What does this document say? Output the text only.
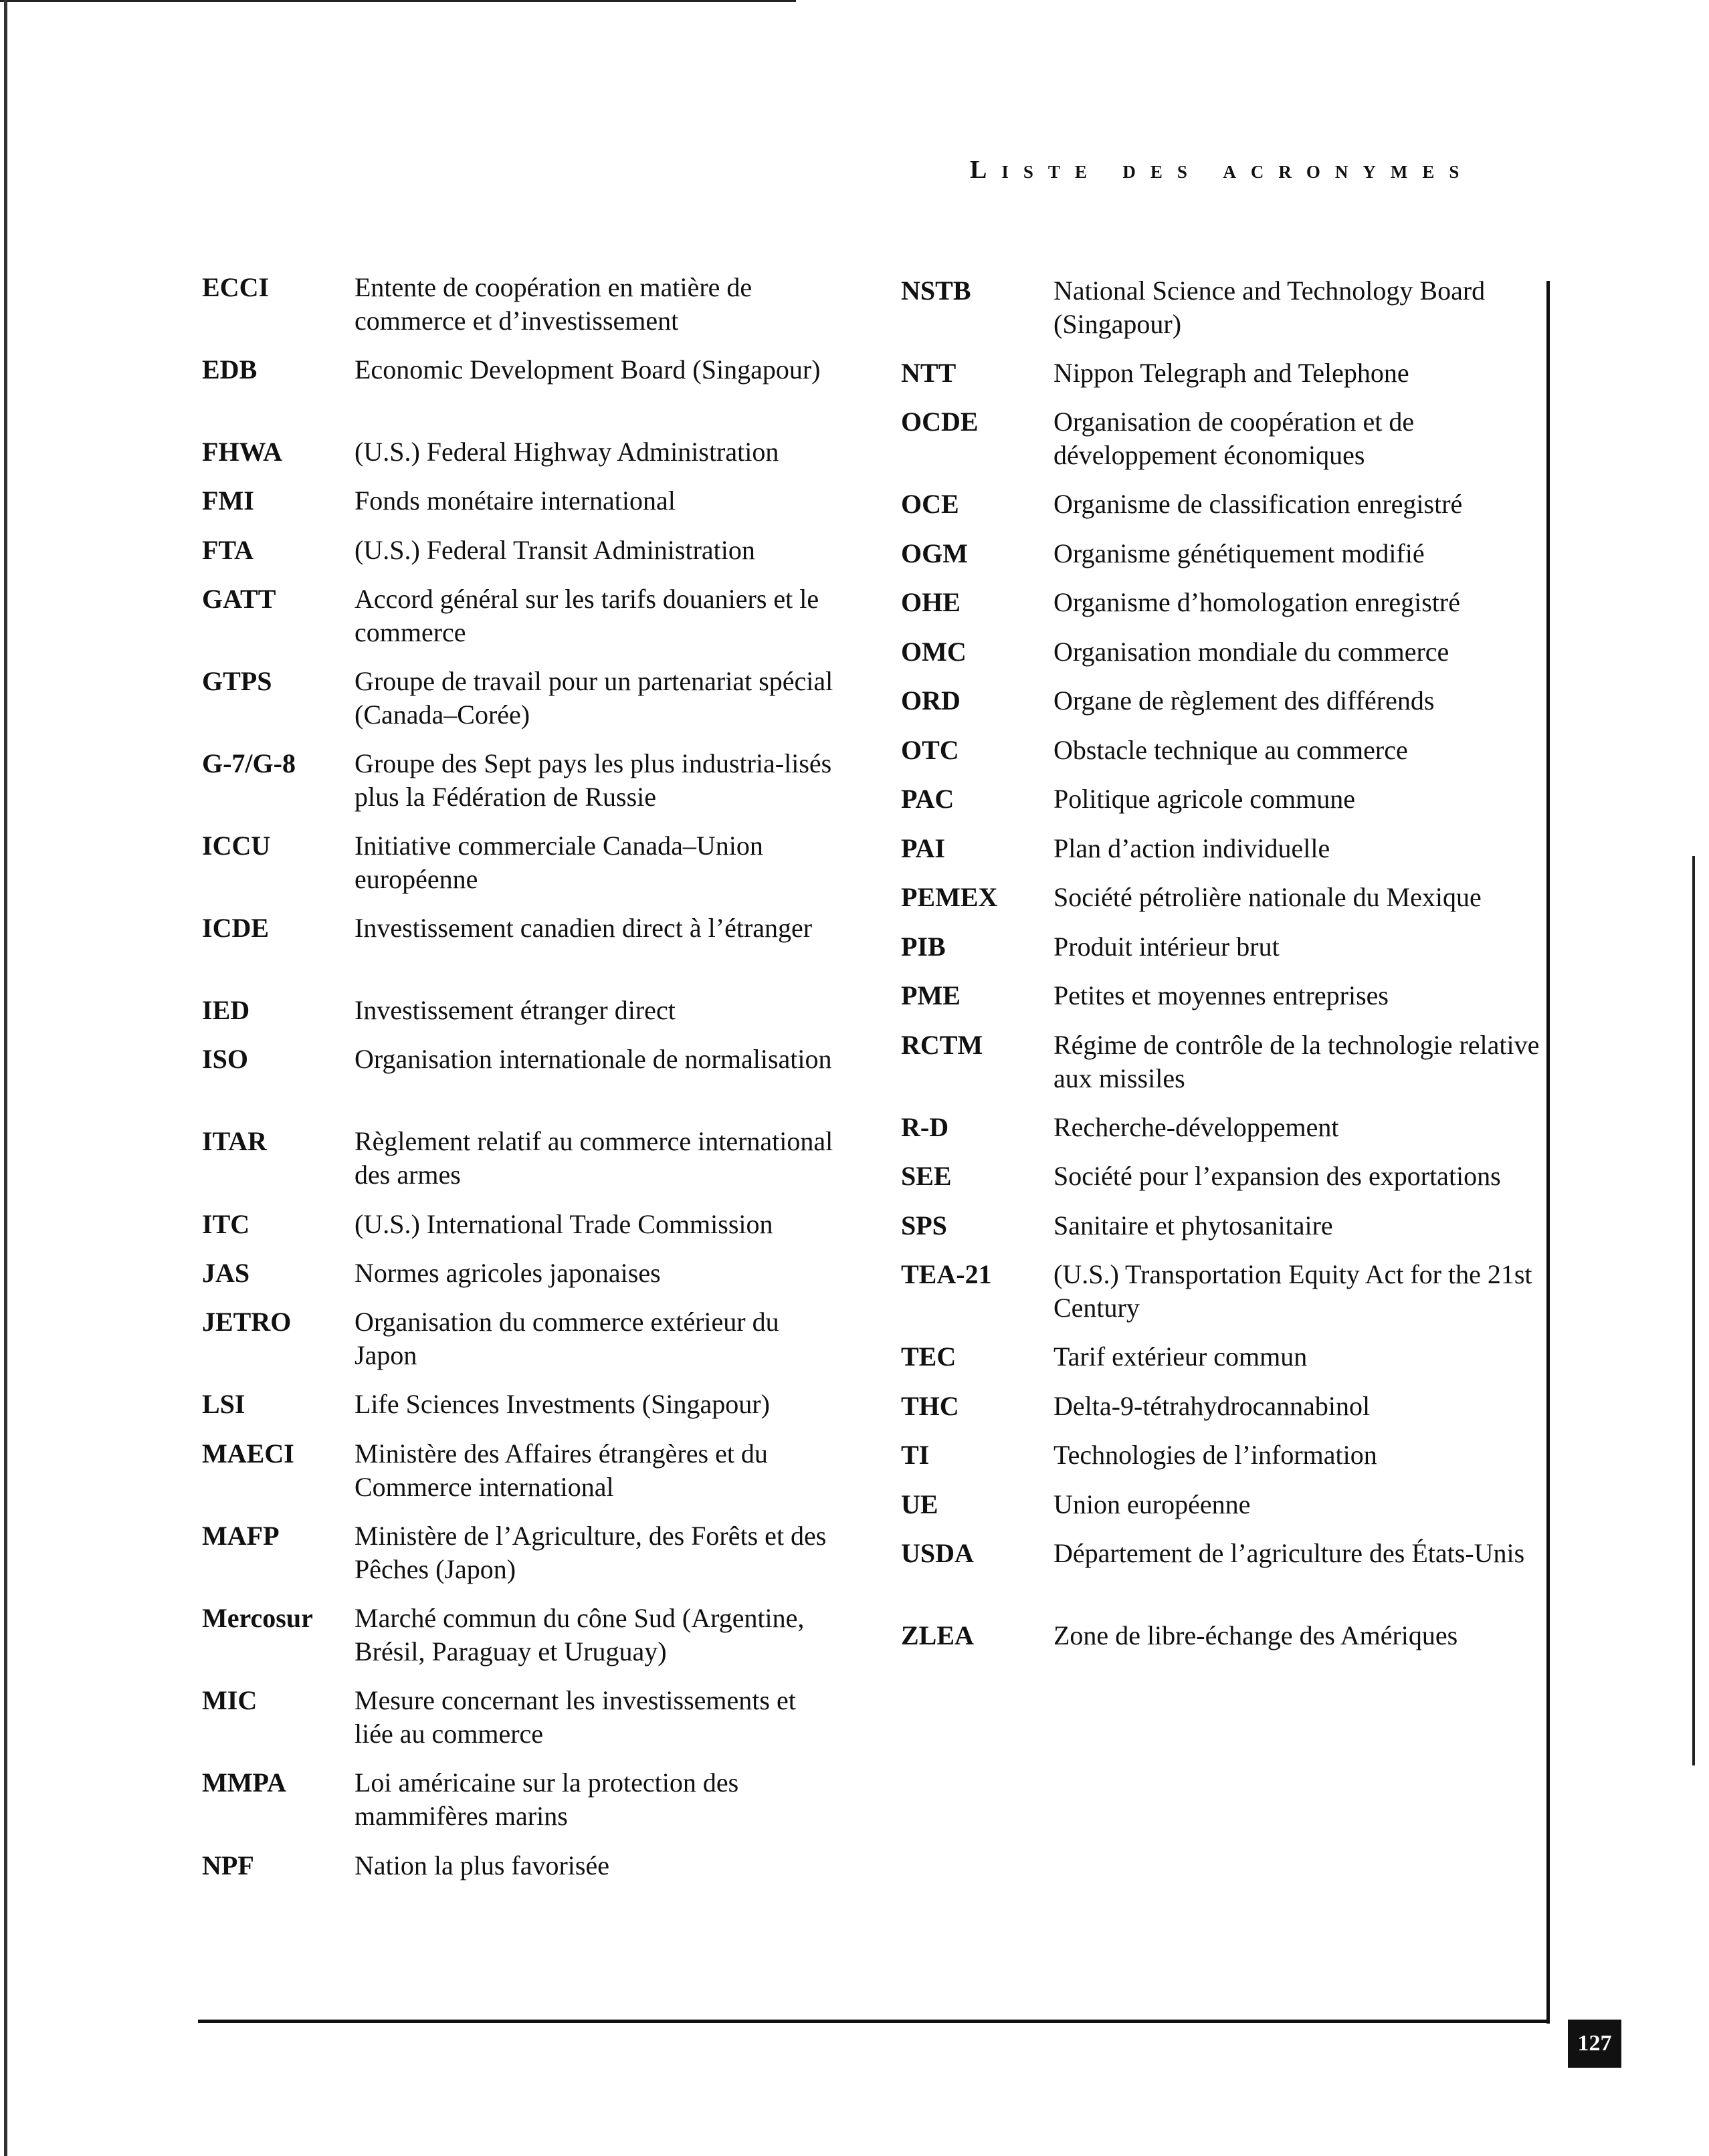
Liste des acronymes
ECCI	Entente de coopération en matière de commerce et d’investissement
EDB	Economic Development Board (Singapour)
FHWA	(U.S.) Federal Highway Administration
FMI	Fonds monétaire international
FTA	(U.S.) Federal Transit Administration
GATT	Accord général sur les tarifs douaniers et le commerce
GTPS	Groupe de travail pour un partenariat spécial (Canada–Corée)
G-7/G-8	Groupe des Sept pays les plus industria-lisés plus la Fédération de Russie
ICCU	Initiative commerciale Canada–Union européenne
ICDE	Investissement canadien direct à l’étranger
IED	Investissement étranger direct
ISO	Organisation internationale de normalisation
ITAR	Règlement relatif au commerce international des armes
ITC	(U.S.) International Trade Commission
JAS	Normes agricoles japonaises
JETRO	Organisation du commerce extérieur du Japon
LSI	Life Sciences Investments (Singapour)
MAECI	Ministère des Affaires étrangères et du Commerce international
MAFP	Ministère de l’Agriculture, des Forêts et des Pêches (Japon)
Mercosur	Marché commun du cône Sud (Argentine, Brésil, Paraguay et Uruguay)
MIC	Mesure concernant les investissements et liée au commerce
MMPA	Loi américaine sur la protection des mammifères marins
NPF	Nation la plus favorisée
NSTB	National Science and Technology Board (Singapour)
NTT	Nippon Telegraph and Telephone
OCDE	Organisation de coopération et de développement économiques
OCE	Organisme de classification enregistré
OGM	Organisme génétiquement modifié
OHE	Organisme d’homologation enregistré
OMC	Organisation mondiale du commerce
ORD	Organe de règlement des différends
OTC	Obstacle technique au commerce
PAC	Politique agricole commune
PAI	Plan d’action individuelle
PEMEX	Société pétrolière nationale du Mexique
PIB	Produit intérieur brut
PME	Petites et moyennes entreprises
RCTM	Régime de contrôle de la technologie relative aux missiles
R-D	Recherche-développement
SEE	Société pour l’expansion des exportations
SPS	Sanitaire et phytosanitaire
TEA-21	(U.S.) Transportation Equity Act for the 21st Century
TEC	Tarif extérieur commun
THC	Delta-9-tétrahydrocannabinol
TI	Technologies de l’information
UE	Union européenne
USDA	Département de l’agriculture des États-Unis
ZLEA	Zone de libre-échange des Amériques
127
